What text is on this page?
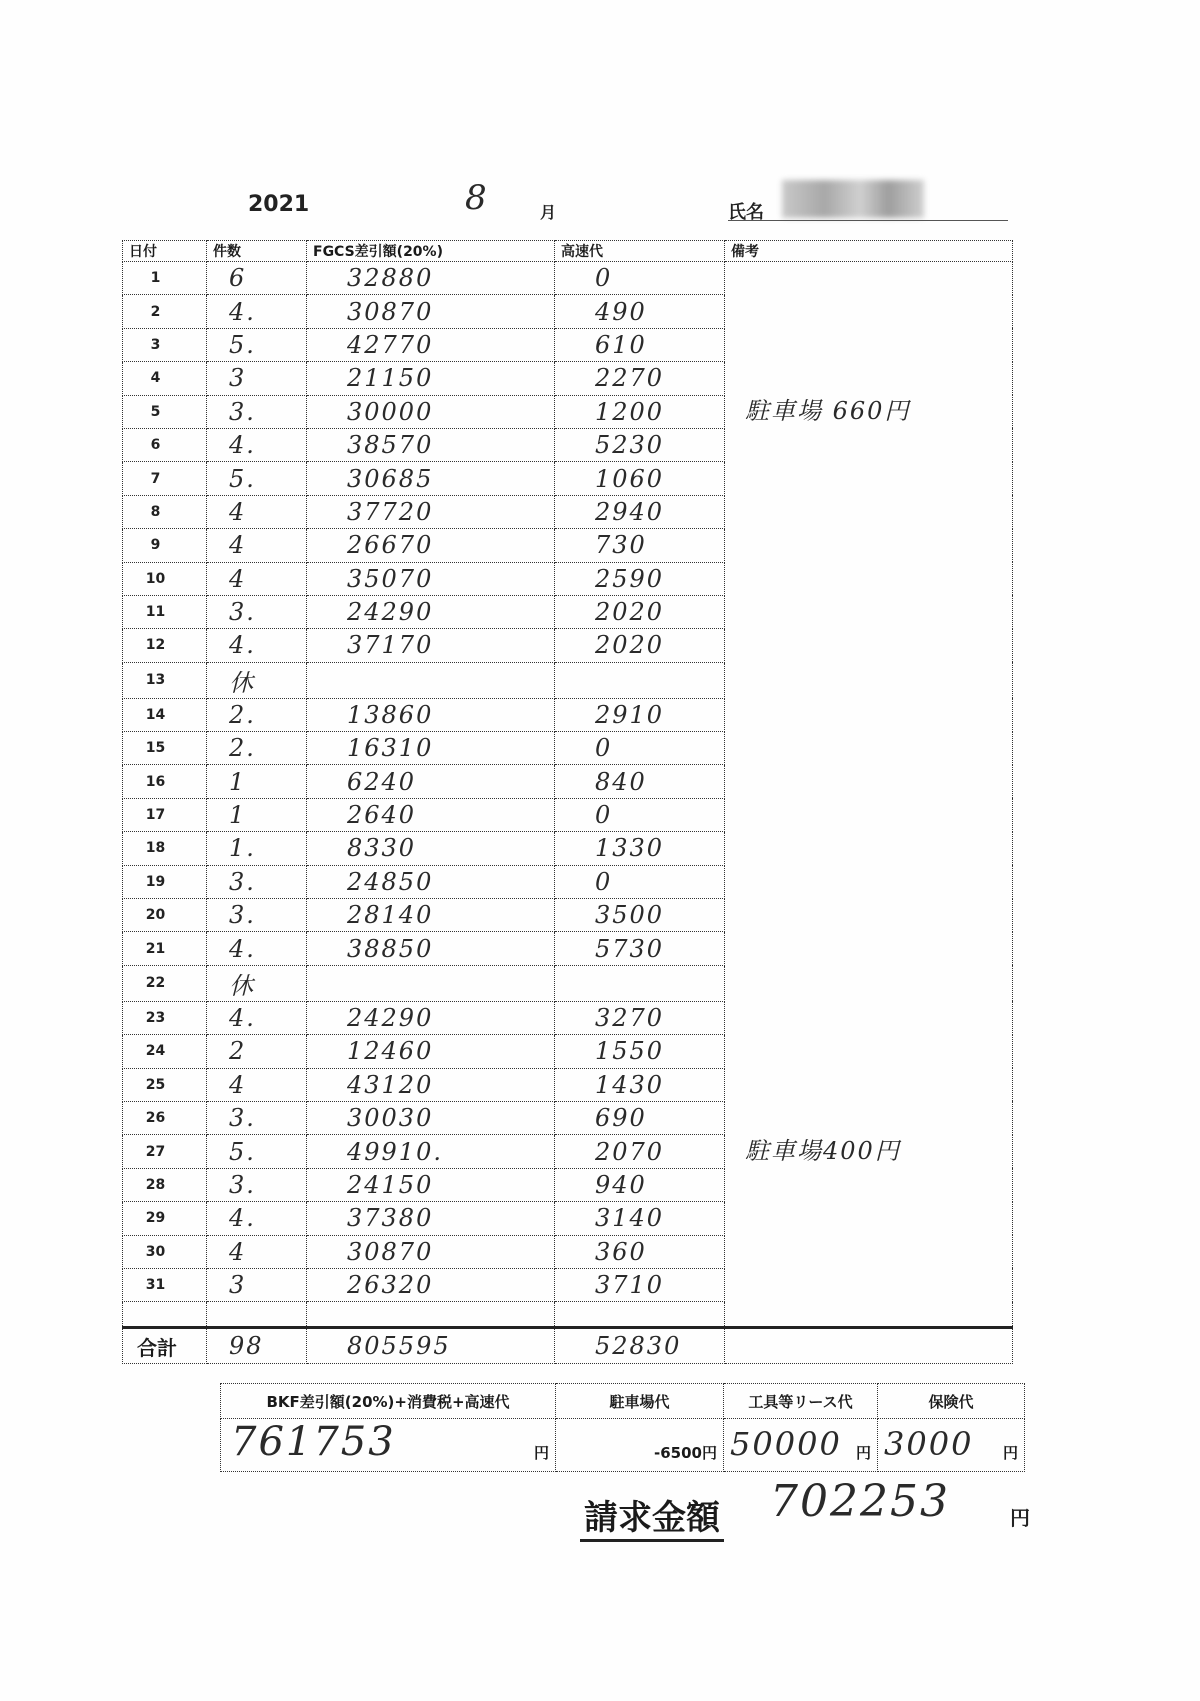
2021	8	月	氏名
日付	件数	FGCS差引額(20%)	高速代	備考
1	6	32880	0	
2	4.	30870	490	
3	5.	42770	610	
4	3	21150	2270	
5	3.	30000	1200	駐車場 660円

6	4.	38570	5230	
7	5.	30685	1060	
8	4	37720	2940	
9	4	26670	730	
10	4	35070	2590	
11	3.	24290	2020	
12	4.	37170	2020	
13	休			
14	2.	13860	2910	
15	2.	16310	0	
16	1	6240	840	
17	1	2640	0	
18	1.	8330	1330	
19	3.	24850	0	
20	3.	28140	3500	
21	4.	38850	5730	
22	休			
23	4.	24290	3270	
24	2	12460	1550	
25	4	43120	1430	
26	3.	30030	690	
27	5.	49910.	2070	駐車場400円

28	3.	24150	940	
29	4.	37380	3140	
30	4	30870	360	
31	3	26320	3710	

合計	98	805595	52830	
BKF差引額(20%)+消費税+高速代	駐車場代	工具等リース代	保険代

761753 円	-6500円	50000 円	3000 円
請求金額 702253	円
